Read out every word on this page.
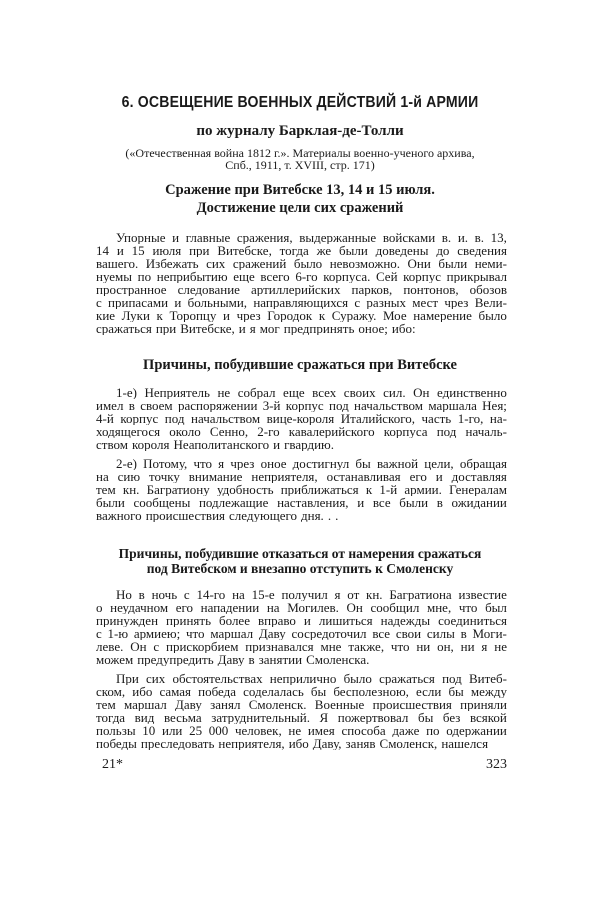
6. ОСВЕЩЕНИЕ ВОЕННЫХ ДЕЙСТВИЙ 1-й АРМИИ
по журналу Барклая-де-Толли
(«Отечественная война 1812 г.». Материалы военно-ученого архива,
Спб., 1911, т. XVIII, стр. 171)
Сражение при Витебске 13, 14 и 15 июля.
Достижение цели сих сражений
Упорные и главные сражения, выдержанные войсками в. и. в. 13,
14 и 15 июля при Витебске, тогда же были доведены до сведения
вашего. Избежать сих сражений было невозможно. Они были неми-
нуемы по неприбытию еще всего 6-го корпуса. Сей корпус прикрывал
пространное следование артиллерийских парков, понтонов, обозов
с припасами и больными, направляющихся с разных мест чрез Вели-
кие Луки к Торопцу и чрез Городок к Суражу. Мое намерение было
сражаться при Витебске, и я мог предпринять оное; ибо:
Причины, побудившие сражаться при Витебске
1-е) Неприятель не собрал еще всех своих сил. Он единственно
имел в своем распоряжении 3-й корпус под начальством маршала Нея;
4-й корпус под начальством вице-короля Италийского, часть 1-го, на-
ходящегося около Сенно, 2-го кавалерийского корпуса под началь-
ством короля Неаполитанского и гвардию.
2-е) Потому, что я чрез оное достигнул бы важной цели, обращая
на сию точку внимание неприятеля, останавливая его и доставляя
тем кн. Багратиону удобность приближаться к 1-й армии. Генералам
были сообщены подлежащие наставления, и все были в ожидании
важного происшествия следующего дня. . .
Причины, побудившие отказаться от намерения сражаться
под Витебском и внезапно отступить к Смоленску
Но в ночь с 14-го на 15-е получил я от кн. Багратиона известие
о неудачном его нападении на Могилев. Он сообщил мне, что был
принужден принять более вправо и лишиться надежды соединиться
с 1-ю армиею; что маршал Даву сосредоточил все свои силы в Моги-
леве. Он с прискорбием признавался мне также, что ни он, ни я не
можем предупредить Даву в занятии Смоленска.
При сих обстоятельствах неприлично было сражаться под Витеб-
ском, ибо самая победа соделалась бы бесполезною, если бы между
тем маршал Даву занял Смоленск. Военные происшествия приняли
тогда вид весьма затруднительный. Я пожертвовал бы без всякой
пользы 10 или 25 000 человек, не имея способа даже по одержании
победы преследовать неприятеля, ибо Даву, заняв Смоленск, нашелся
21*	323
